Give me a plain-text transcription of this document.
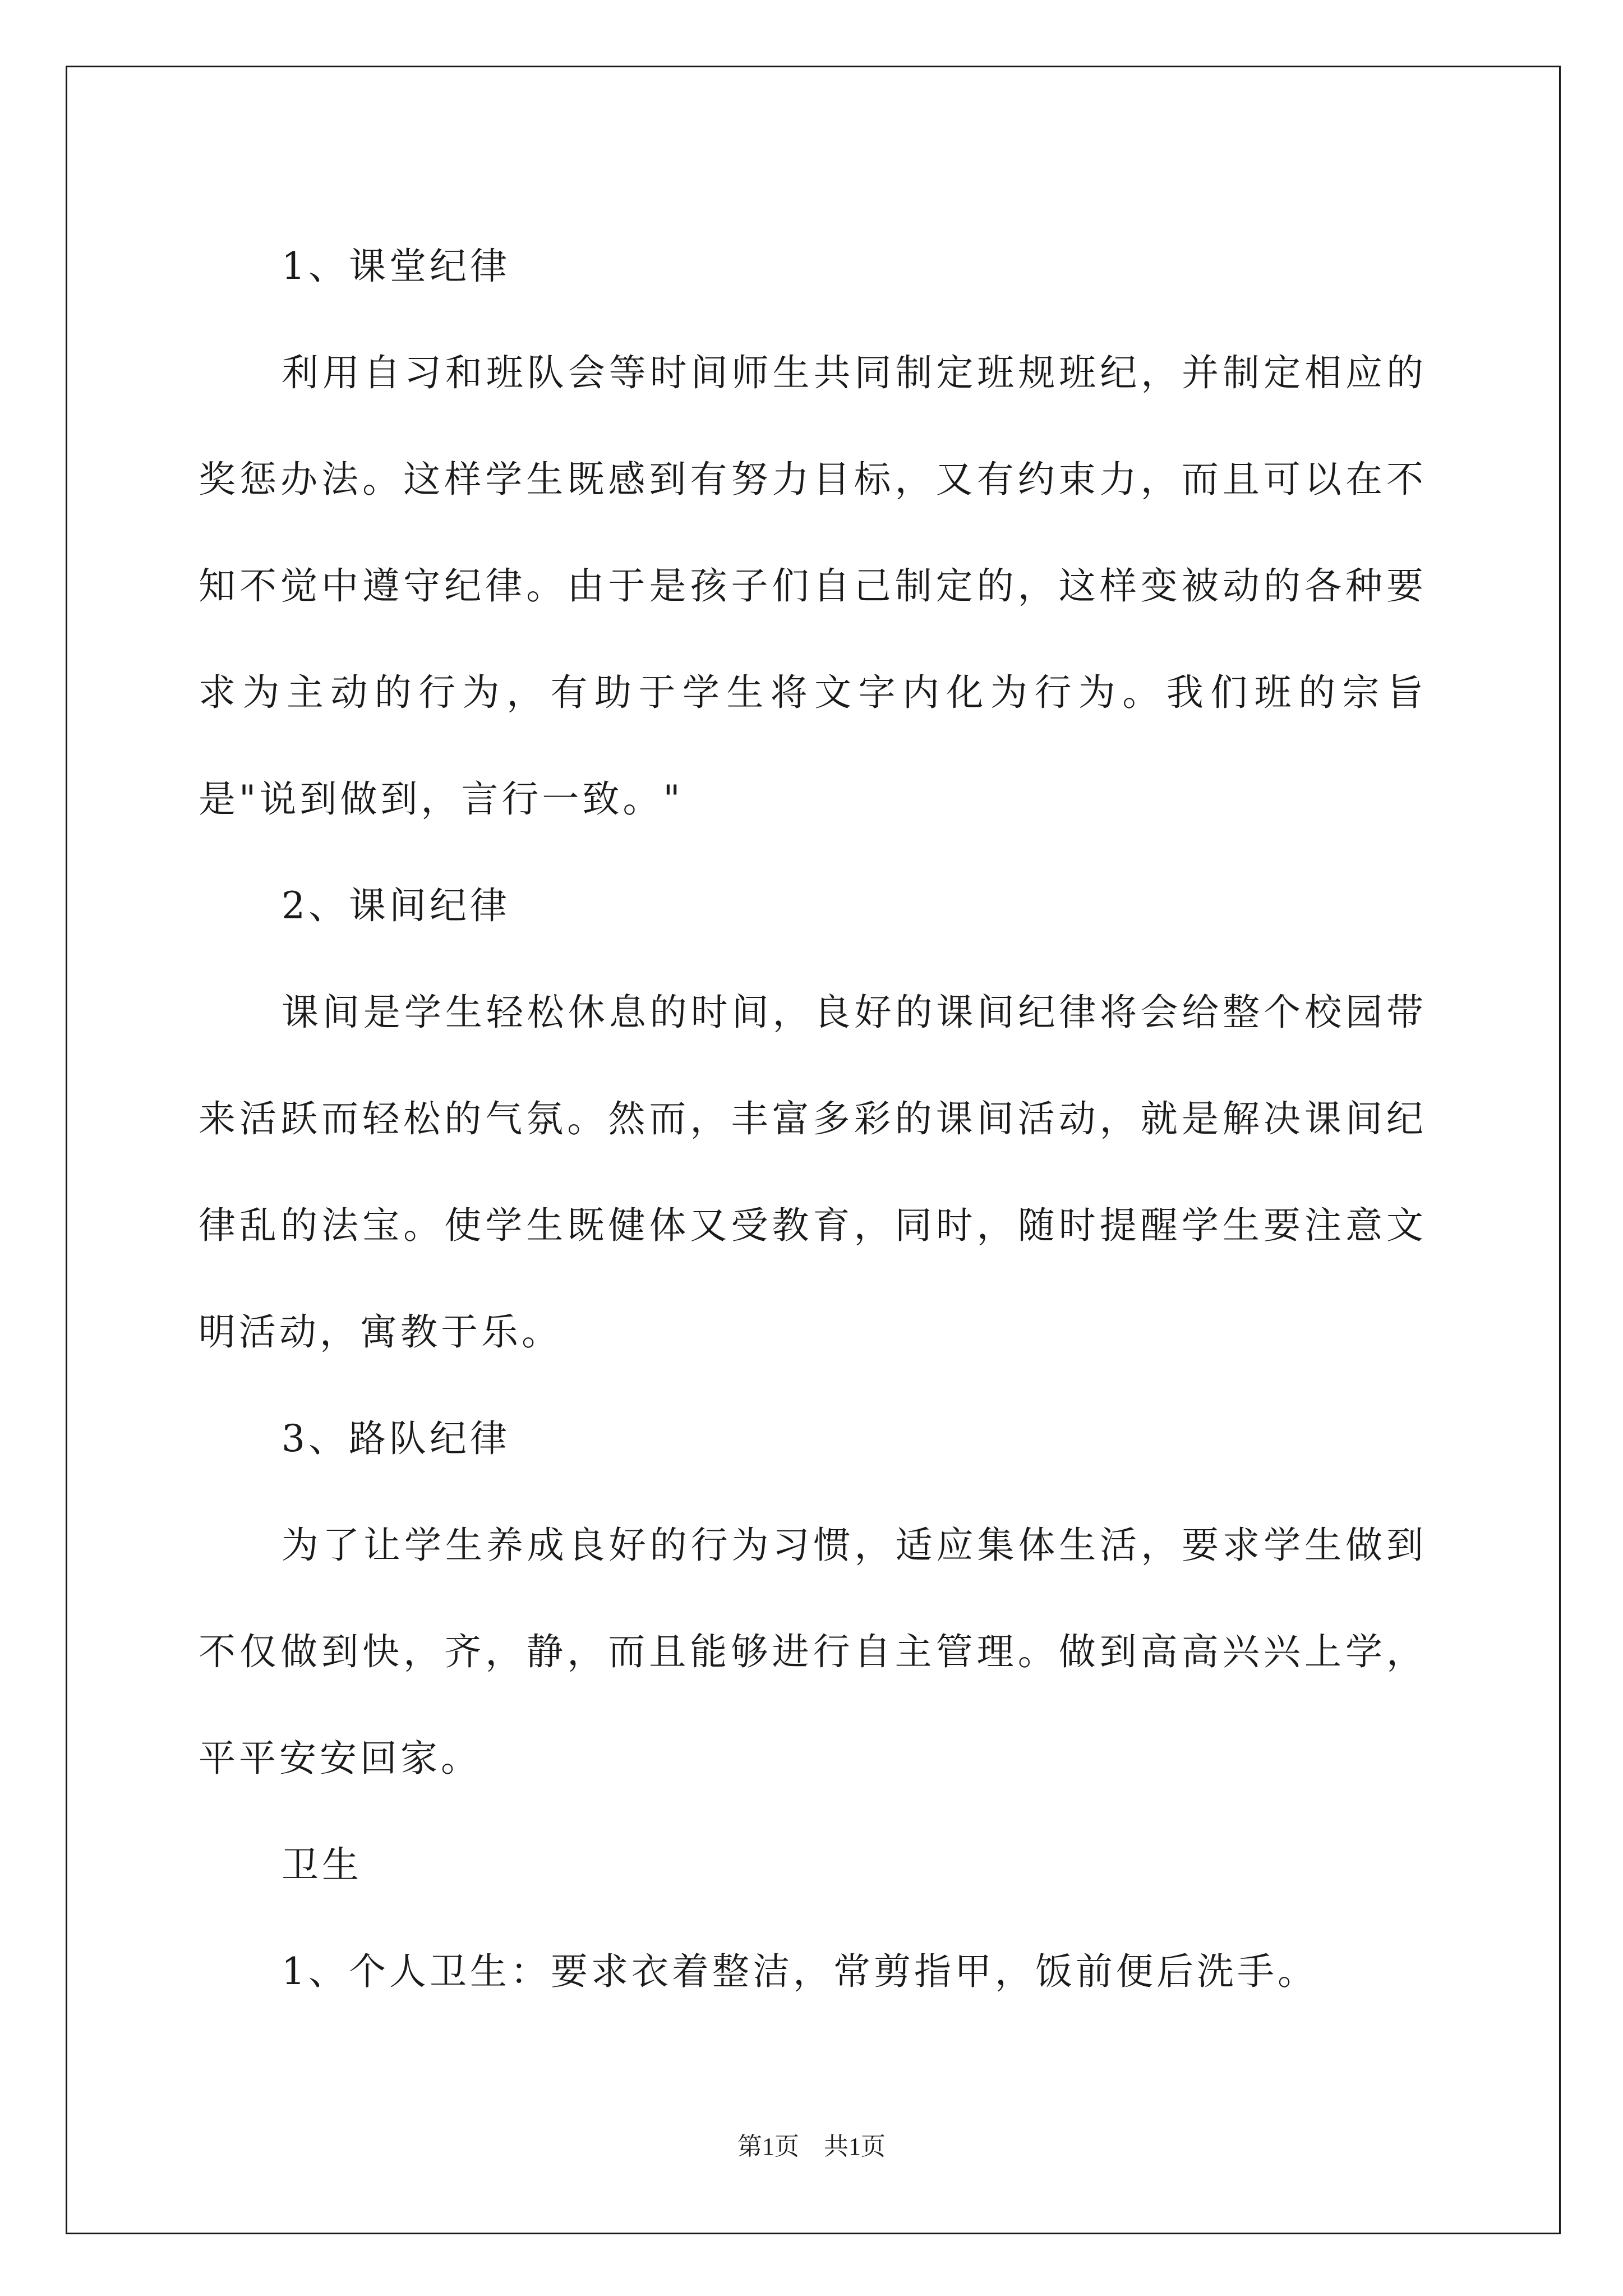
1、课堂纪律

利用自习和班队会等时间师生共同制定班规班纪，并制定相应的奖惩办法。这样学生既感到有努力目标，又有约束力，而且可以在不知不觉中遵守纪律。由于是孩子们自己制定的，这样变被动的各种要求为主动的行为，有助于学生将文字内化为行为。我们班的宗旨是"说到做到，言行一致。"

2、课间纪律

课间是学生轻松休息的时间，良好的课间纪律将会给整个校园带来活跃而轻松的气氛。然而，丰富多彩的课间活动，就是解决课间纪律乱的法宝。使学生既健体又受教育，同时，随时提醒学生要注意文明活动，寓教于乐。

3、路队纪律

为了让学生养成良好的行为习惯，适应集体生活，要求学生做到不仅做到快，齐，静，而且能够进行自主管理。做到高高兴兴上学，平平安安回家。

卫生

1、个人卫生：要求衣着整洁，常剪指甲，饭前便后洗手。

第1页　共1页
